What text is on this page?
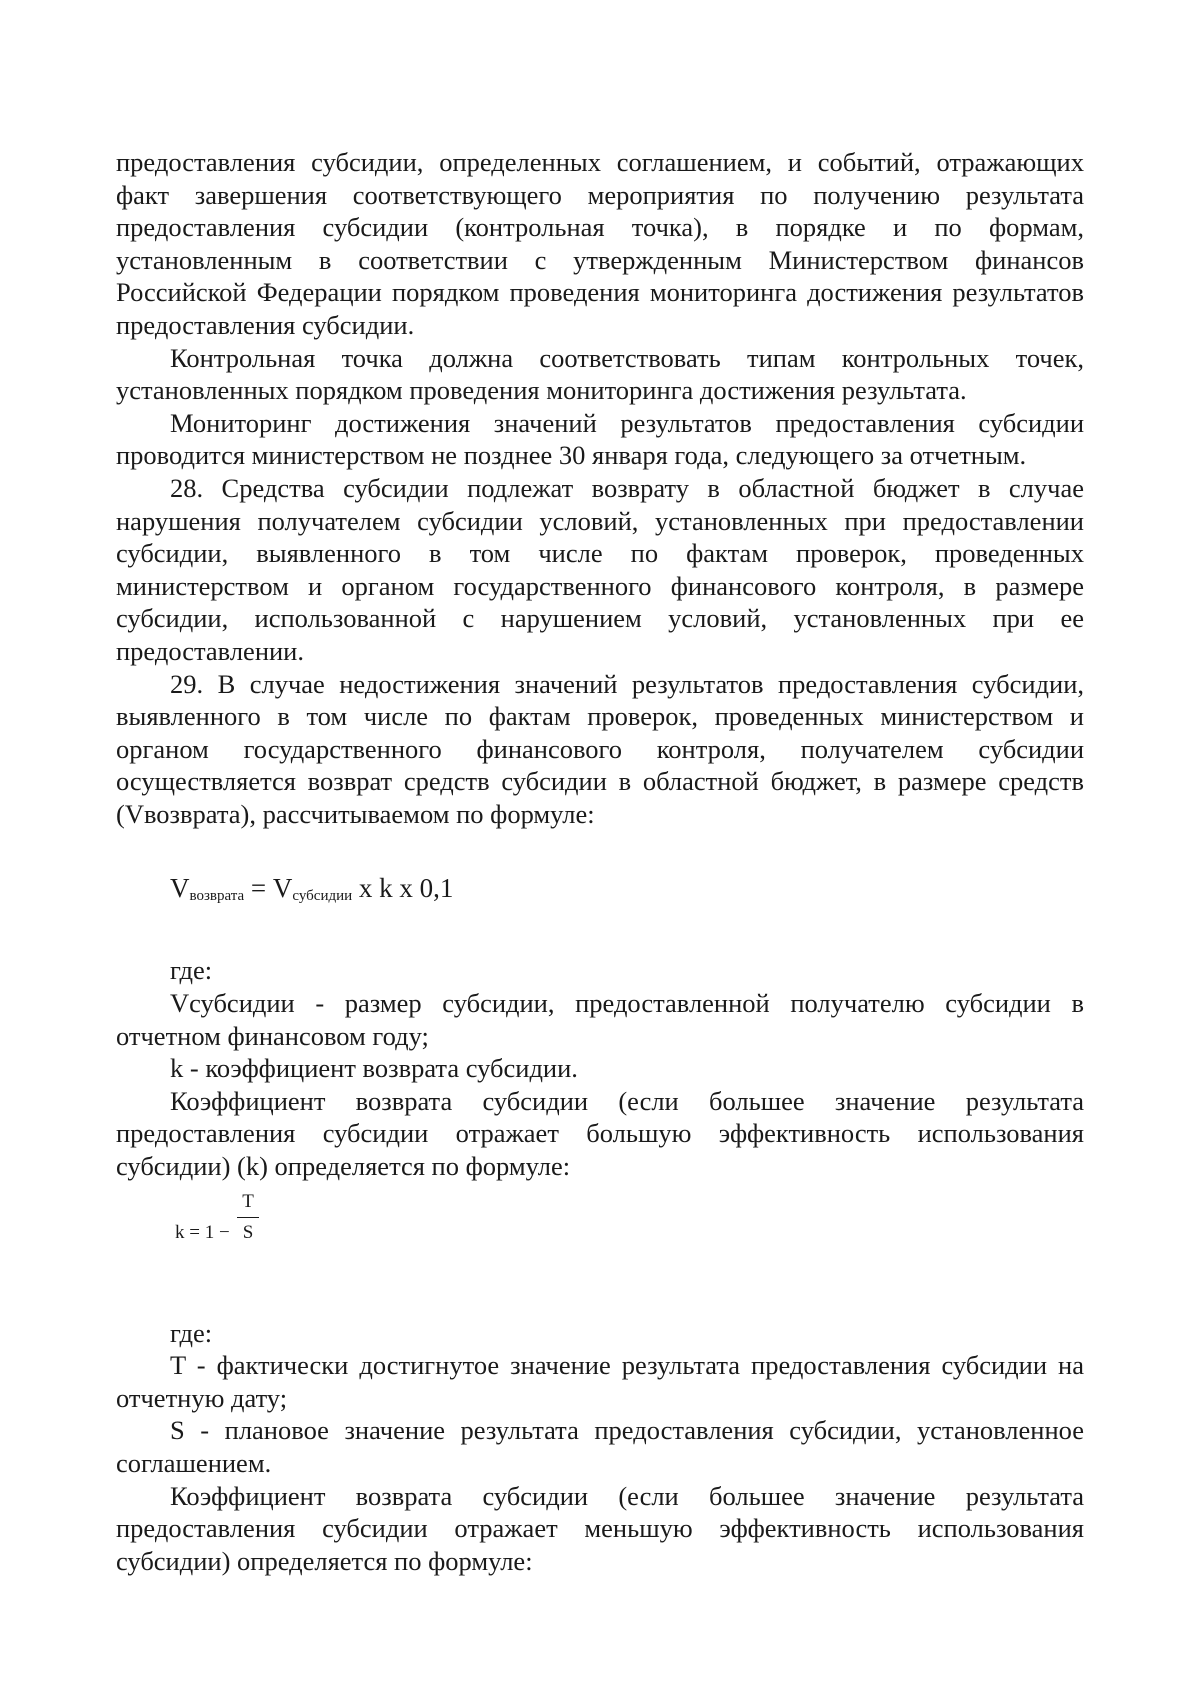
предоставления субсидии, определенных соглашением, и событий, отражающих факт завершения соответствующего мероприятия по получению результата предоставления субсидии (контрольная точка), в порядке и по формам, установленным в соответствии с утвержденным Министерством финансов Российской Федерации порядком проведения мониторинга достижения результатов предоставления субсидии.

Контрольная точка должна соответствовать типам контрольных точек, установленных порядком проведения мониторинга достижения результата.

Мониторинг достижения значений результатов предоставления субсидии проводится министерством не позднее 30 января года, следующего за отчетным.

28. Средства субсидии подлежат возврату в областной бюджет в случае нарушения получателем субсидии условий, установленных при предоставлении субсидии, выявленного в том числе по фактам проверок, проведенных министерством и органом государственного финансового контроля, в размере субсидии, использованной с нарушением условий, установленных при ее предоставлении.

29. В случае недостижения значений результатов предоставления субсидии, выявленного в том числе по фактам проверок, проведенных министерством и органом государственного финансового контроля, получателем субсидии осуществляется возврат средств субсидии в областной бюджет, в размере средств (Vвозврата), рассчитываемом по формуле:

$V_{возврата} = V_{субсидии}$ x k x 0,1

где:

Vсубсидии - размер субсидии, предоставленной получателю субсидии в отчетном финансовом году;

k - коэффициент возврата субсидии.

Коэффициент возврата субсидии (если большее значение результата предоставления субсидии отражает большую эффективность использования субсидии) (k) определяется по формуле:

k = 1 −
T
S

где:

T - фактически достигнутое значение результата предоставления субсидии на отчетную дату;

S - плановое значение результата предоставления субсидии, установленное соглашением.

Коэффициент возврата субсидии (если большее значение результата предоставления субсидии отражает меньшую эффективность использования субсидии) определяется по формуле:
